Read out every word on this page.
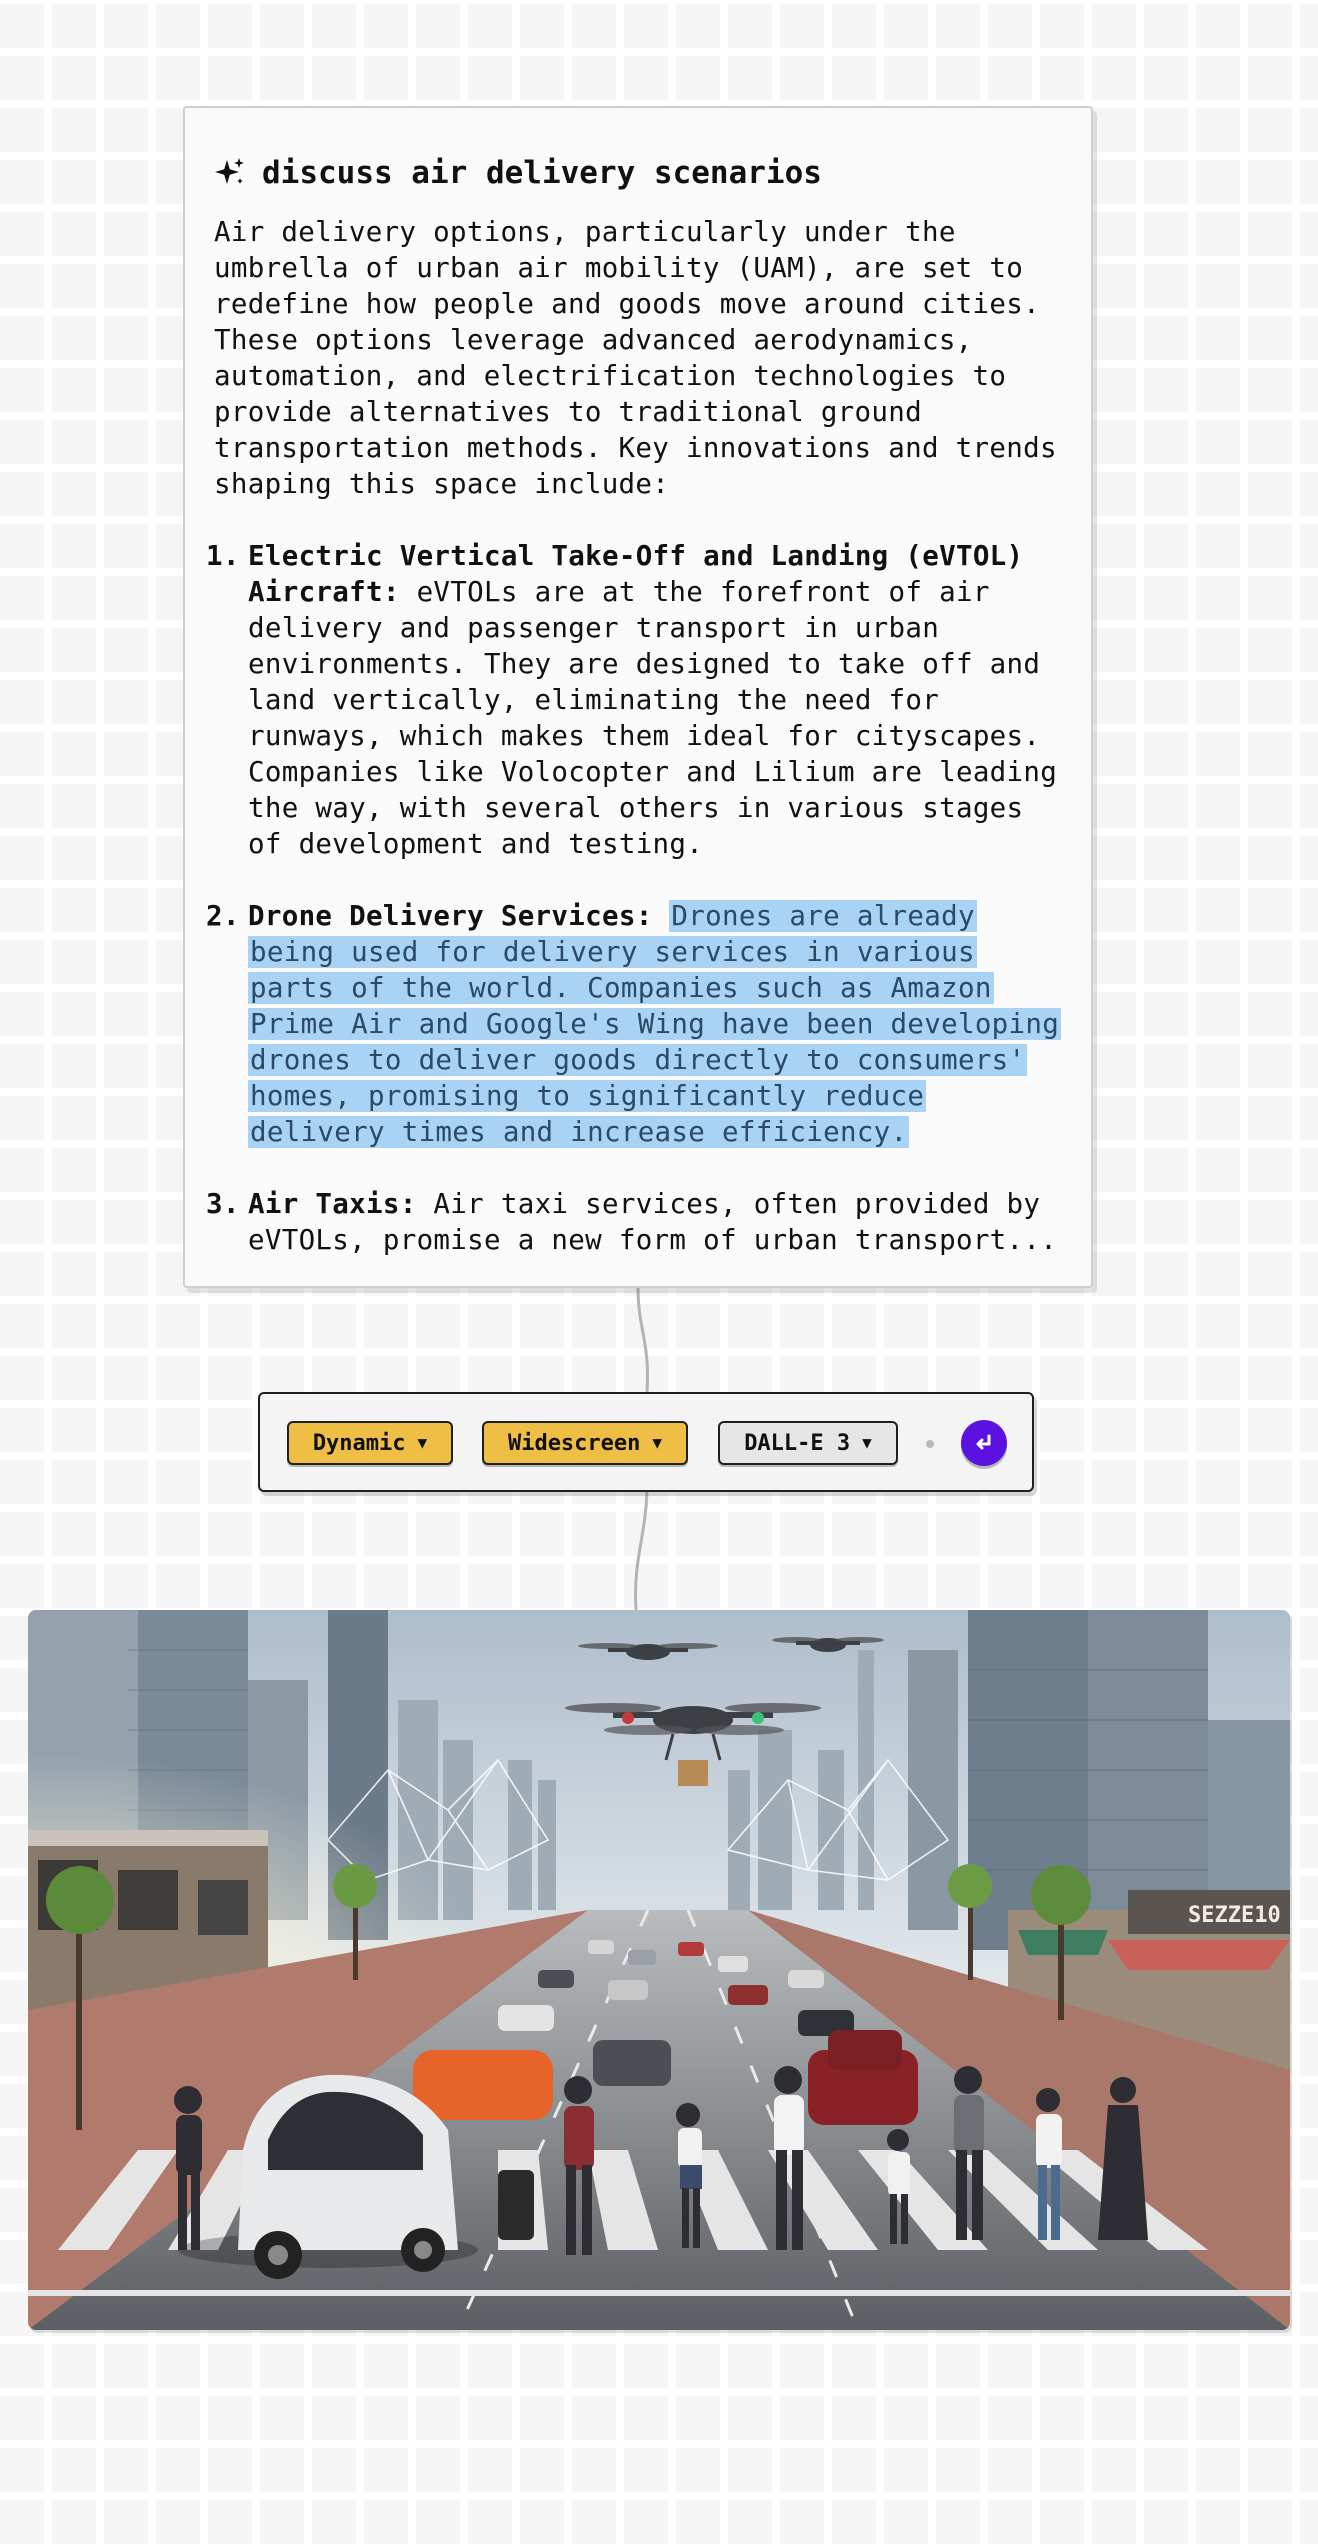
discuss air delivery scenarios

Air delivery options, particularly under the umbrella of urban air mobility (UAM), are set to redefine how people and goods move around cities. These options leverage advanced aerodynamics, automation, and electrification technologies to provide alternatives to traditional ground transportation methods. Key innovations and trends shaping this space include:

1. Electric Vertical Take-Off and Landing (eVTOL) Aircraft: eVTOLs are at the forefront of air delivery and passenger transport in urban environments. They are designed to take off and land vertically, eliminating the need for runways, which makes them ideal for cityscapes. Companies like Volocopter and Lilium are leading the way, with several others in various stages of development and testing.
2. Drone Delivery Services: Drones are already being used for delivery services in various parts of the world. Companies such as Amazon Prime Air and Google's Wing have been developing drones to deliver goods directly to consumers' homes, promising to significantly reduce delivery times and increase efficiency.
3. Air Taxis: Air taxi services, often provided by eVTOLs, promise a new form of urban transport...
Dynamic ▼	Widescreen ▼	DALL-E 3 ▼
SEZZE10
